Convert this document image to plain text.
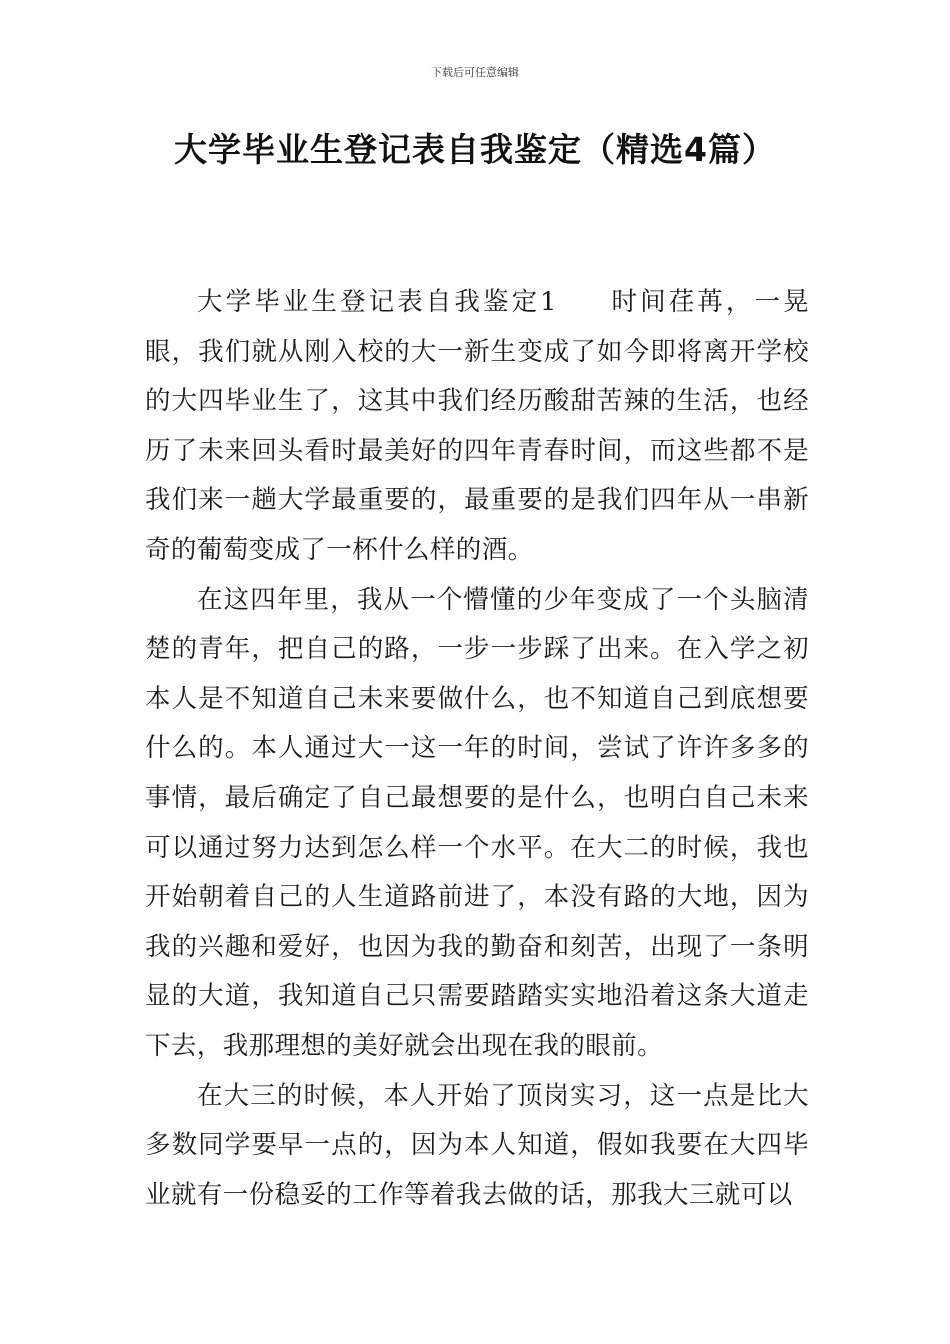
下载后可任意编辑
大学毕业生登记表自我鉴定（精选4篇）

大学毕业生登记表自我鉴定1 时间荏苒，一晃眼，我们就从刚入校的大一新生变成了如今即将离开学校的大四毕业生了，这其中我们经历酸甜苦辣的生活，也经历了未来回头看时最美好的四年青春时间，而这些都不是我们来一趟大学最重要的，最重要的是我们四年从一串新奇的葡萄变成了一杯什么样的酒。

在这四年里，我从一个懵懂的少年变成了一个头脑清楚的青年，把自己的路，一步一步踩了出来。在入学之初本人是不知道自己未来要做什么，也不知道自己到底想要什么的。本人通过大一这一年的时间，尝试了许许多多的事情，最后确定了自己最想要的是什么，也明白自己未来可以通过努力达到怎么样一个水平。在大二的时候，我也开始朝着自己的人生道路前进了，本没有路的大地，因为我的兴趣和爱好，也因为我的勤奋和刻苦，出现了一条明显的大道，我知道自己只需要踏踏实实地沿着这条大道走下去，我那理想的美好就会出现在我的眼前。

在大三的时候，本人开始了顶岗实习，这一点是比大多数同学要早一点的，因为本人知道，假如我要在大四毕业就有一份稳妥的工作等着我去做的话，那我大三就可以
